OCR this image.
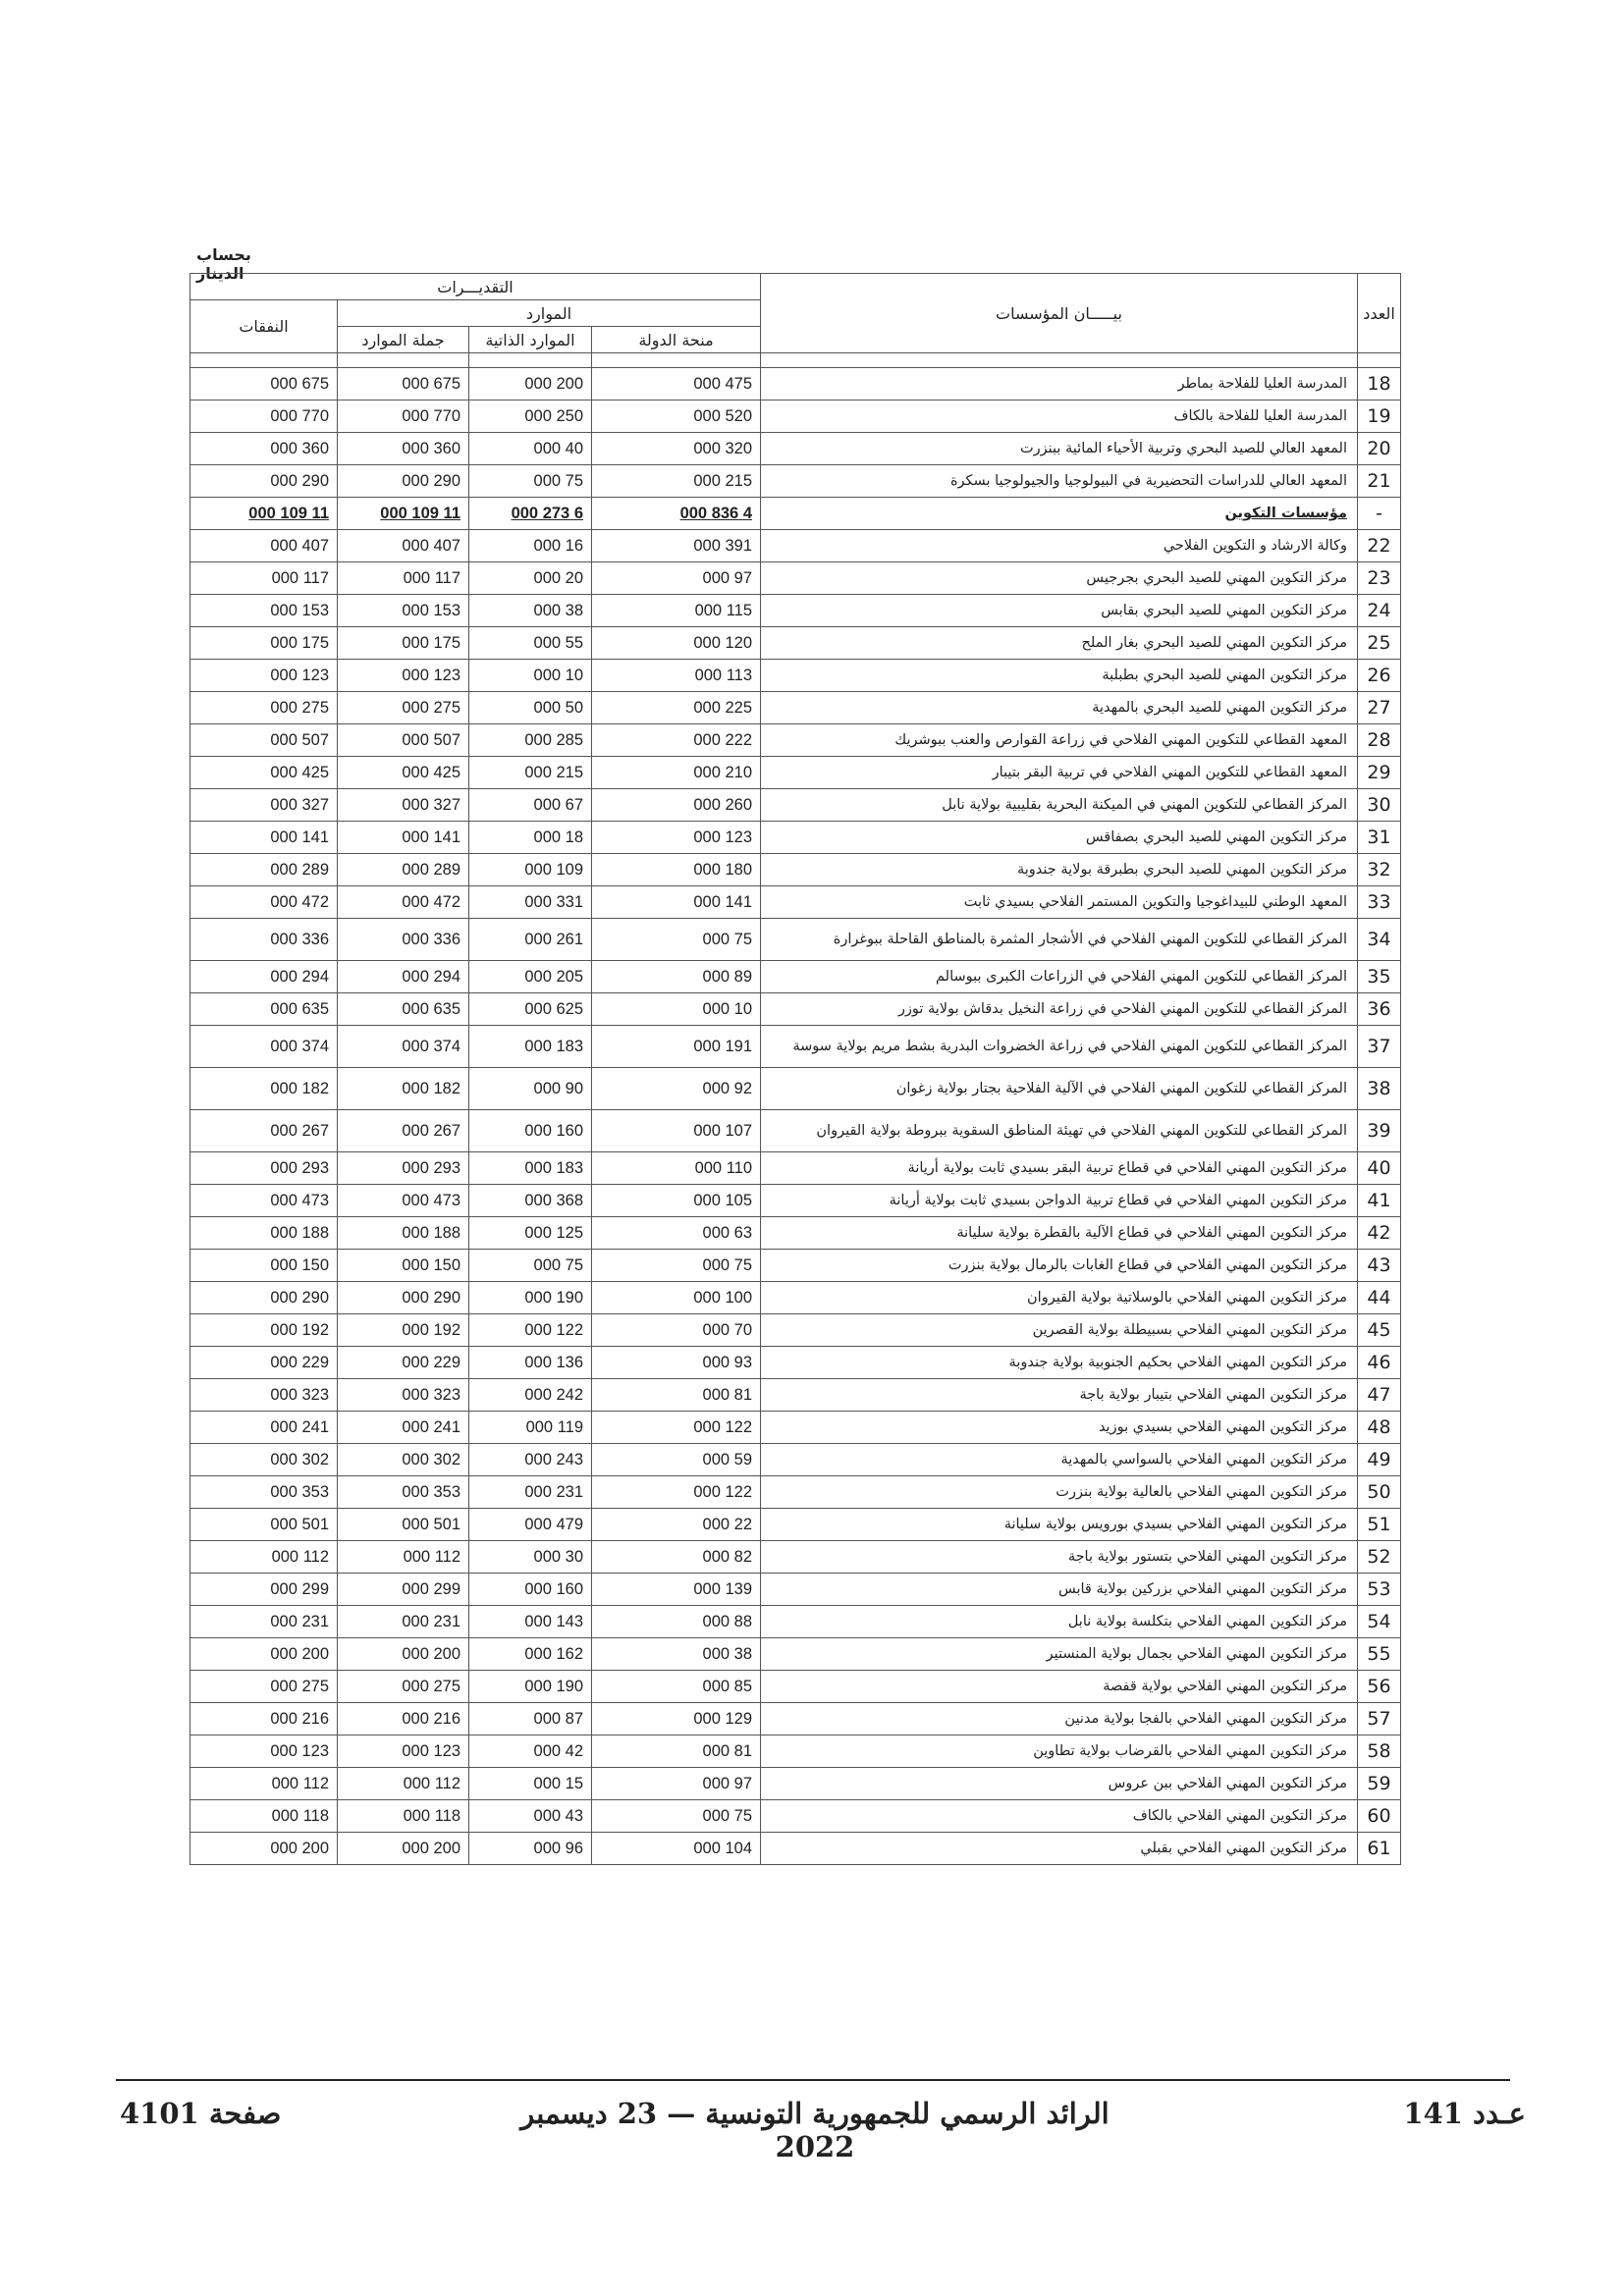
بحساب الدينار
العدد	بيـــــان المؤسسات	التقديـــرات			
		الموارد			النفقات
		منحة الدولة	الموارد الذاتية	جملة الموارد	

18	المدرسة العليا للفلاحة بماطر	475 000	200 000	675 000	675 000
19	المدرسة العليا للفلاحة بالكاف	520 000	250 000	770 000	770 000
20	المعهد العالي للصيد البحري وتربية الأحياء المائية ببنزرت	320 000	40 000	360 000	360 000
21	المعهد العالي للدراسات التحضيرية في البيولوجيا والجيولوجيا بسكرة	215 000	75 000	290 000	290 000
-	مؤسسات التكوين	4 836 000	6 273 000	11 109 000	11 109 000
22	وكالة الارشاد و التكوين الفلاحي	391 000	16 000	407 000	407 000
23	مركز التكوين المهني للصيد البحري بجرجيس	97 000	20 000	117 000	117 000
24	مركز التكوين المهني للصيد البحري بقابس	115 000	38 000	153 000	153 000
25	مركز التكوين المهني للصيد البحري بغار الملح	120 000	55 000	175 000	175 000
26	مركز التكوين المهني للصيد البحري بطبلبة	113 000	10 000	123 000	123 000
27	مركز التكوين المهني للصيد البحري بالمهدية	225 000	50 000	275 000	275 000
28	المعهد القطاعي للتكوين المهني الفلاحي في زراعة القوارص والعنب ببوشريك	222 000	285 000	507 000	507 000
29	المعهد القطاعي للتكوين المهني الفلاحي في تربية البقر بتيبار	210 000	215 000	425 000	425 000
30	المركز القطاعي للتكوين المهني في الميكنة البحرية بقليبية بولاية نابل	260 000	67 000	327 000	327 000
31	مركز التكوين المهني للصيد البحري بصفاقس	123 000	18 000	141 000	141 000
32	مركز التكوين المهني للصيد البحري بطبرقة بولاية جندوبة	180 000	109 000	289 000	289 000
33	المعهد الوطني للبيداغوجيا والتكوين المستمر الفلاحي بسيدي ثابت	141 000	331 000	472 000	472 000
34	المركز القطاعي للتكوين المهني الفلاحي في الأشجار المثمرة بالمناطق القاحلة ببوغرارة	75 000	261 000	336 000	336 000
35	المركز القطاعي للتكوين المهني الفلاحي في الزراعات الكبرى ببوسالم	89 000	205 000	294 000	294 000
36	المركز القطاعي للتكوين المهني الفلاحي في زراعة النخيل بدقاش بولاية توزر	10 000	625 000	635 000	635 000
37	المركز القطاعي للتكوين المهني الفلاحي في زراعة الخضروات البدرية بشط مريم بولاية سوسة	191 000	183 000	374 000	374 000
38	المركز القطاعي للتكوين المهني الفلاحي في الآلية الفلاحية بجتار بولاية زغوان	92 000	90 000	182 000	182 000
39	المركز القطاعي للتكوين المهني الفلاحي في تهيئة المناطق السقوية ببروطة بولاية القيروان	107 000	160 000	267 000	267 000
40	مركز التكوين المهني الفلاحي في قطاع تربية البقر بسيدي ثابت بولاية أريانة	110 000	183 000	293 000	293 000
41	مركز التكوين المهني الفلاحي في قطاع تربية الدواجن بسيدي ثابت بولاية أريانة	105 000	368 000	473 000	473 000
42	مركز التكوين المهني الفلاحي في قطاع الآلية بالقطرة بولاية سليانة	63 000	125 000	188 000	188 000
43	مركز التكوين المهني الفلاحي في قطاع الغابات بالرمال بولاية بنزرت	75 000	75 000	150 000	150 000
44	مركز التكوين المهني الفلاحي بالوسلاتية بولاية القيروان	100 000	190 000	290 000	290 000
45	مركز التكوين المهني الفلاحي بسبيطلة بولاية القصرين	70 000	122 000	192 000	192 000
46	مركز التكوين المهني الفلاحي بحكيم الجنوبية بولاية جندوبة	93 000	136 000	229 000	229 000
47	مركز التكوين المهني الفلاحي بتيبار بولاية باجة	81 000	242 000	323 000	323 000
48	مركز التكوين المهني الفلاحي بسيدي بوزيد	122 000	119 000	241 000	241 000
49	مركز التكوين المهني الفلاحي بالسواسي بالمهدية	59 000	243 000	302 000	302 000
50	مركز التكوين المهني الفلاحي بالعالية بولاية بنزرت	122 000	231 000	353 000	353 000
51	مركز التكوين المهني الفلاحي بسيدي بورويس بولاية سليانة	22 000	479 000	501 000	501 000
52	مركز التكوين المهني الفلاحي بتستور بولاية باجة	82 000	30 000	112 000	112 000
53	مركز التكوين المهني الفلاحي بزركين بولاية قابس	139 000	160 000	299 000	299 000
54	مركز التكوين المهني الفلاحي بتكلسة بولاية نابل	88 000	143 000	231 000	231 000
55	مركز التكوين المهني الفلاحي بجمال بولاية المنستير	38 000	162 000	200 000	200 000
56	مركز التكوين المهني الفلاحي بولاية قفصة	85 000	190 000	275 000	275 000
57	مركز التكوين المهني الفلاحي بالفجا بولاية مدنين	129 000	87 000	216 000	216 000
58	مركز التكوين المهني الفلاحي بالقرضاب بولاية تطاوين	81 000	42 000	123 000	123 000
59	مركز التكوين المهني الفلاحي ببن عروس	97 000	15 000	112 000	112 000
60	مركز التكوين المهني الفلاحي بالكاف	75 000	43 000	118 000	118 000
61	مركز التكوين المهني الفلاحي بقبلي	104 000	96 000	200 000	200 000
صفحة 4101	الرائد الرسمي للجمهورية التونسية — 23 ديسمبر 2022
عـدد 141
